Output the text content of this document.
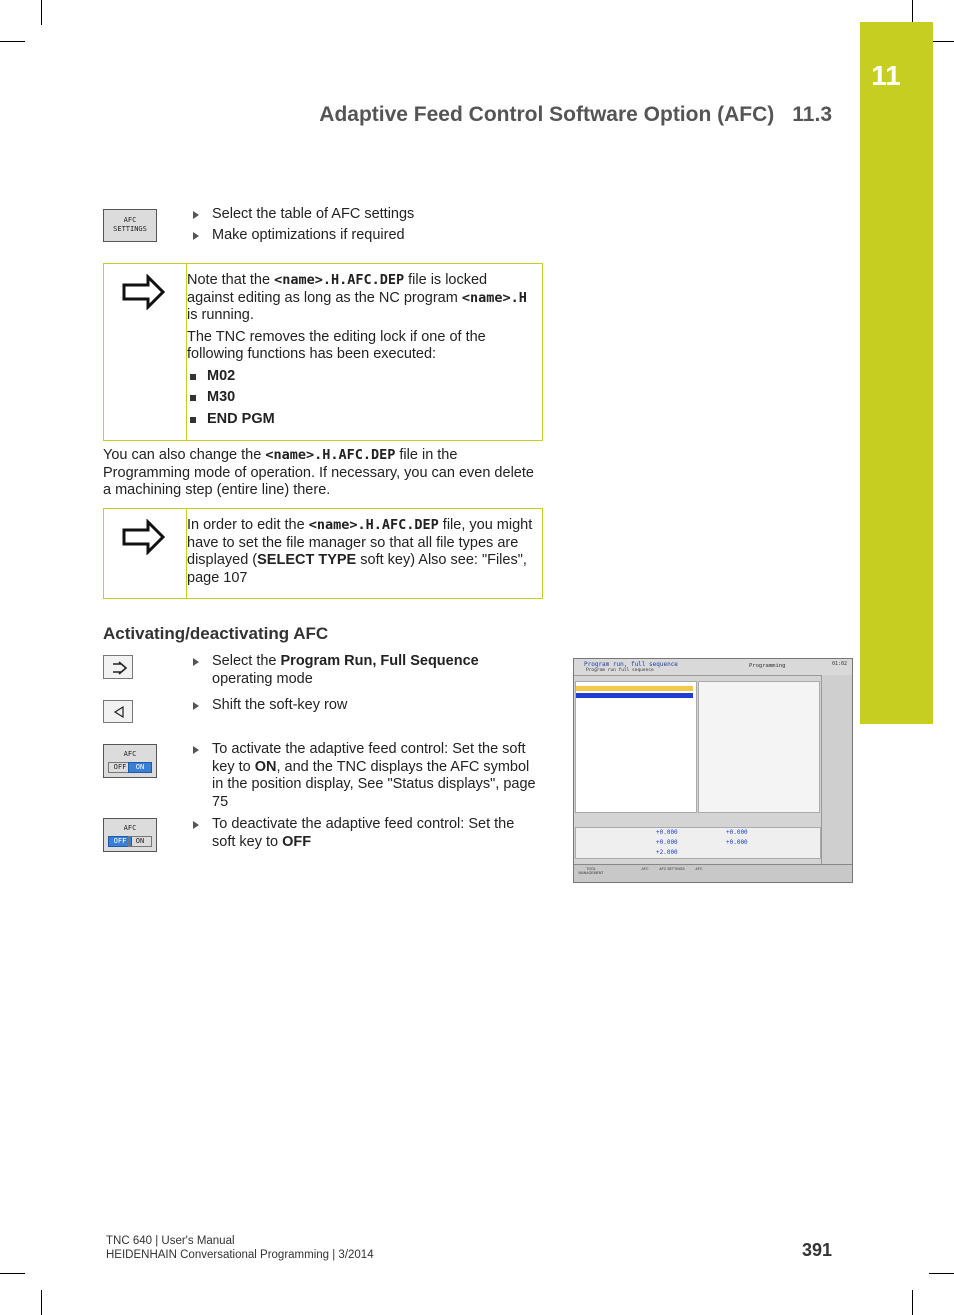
11
Adaptive Feed Control Software Option (AFC) 11.3
AFC
SETTINGS
Select the table of AFC settings
Make optimizations if required

Note that the <name>.H.AFC.DEP file is locked against editing as long as the NC program <name>.H is running.

The TNC removes the editing lock if one of the following functions has been executed:

M02
M30
END PGM
You can also change the <name>.H.AFC.DEP file in the Programming mode of operation. If necessary, you can even delete a machining step (entire line) there.
In order to edit the <name>.H.AFC.DEP file, you might have to set the file manager so that all file types are displayed (SELECT TYPE soft key) Also see: "Files", page 107
Activating/deactivating AFC
Select the Program Run, Full Sequence operating mode
Shift the soft-key row
AFC
OFF	ON
To activate the adaptive feed control: Set the soft key to ON, and the TNC displays the AFC symbol in the position display, See "Status displays", page 75
AFC
OFF	ON
To deactivate the adaptive feed control: Set the soft key to OFF
Program run, full sequence
Program run full sequence
Programming	01:02
+0.000
+0.000
+2.000
+0.000
+0.000
TOOL MANAGEMENT
AFC	AFC SETTINGS	AFC
TNC 640 | User's Manual
HEIDENHAIN Conversational Programming | 3/2014	391
